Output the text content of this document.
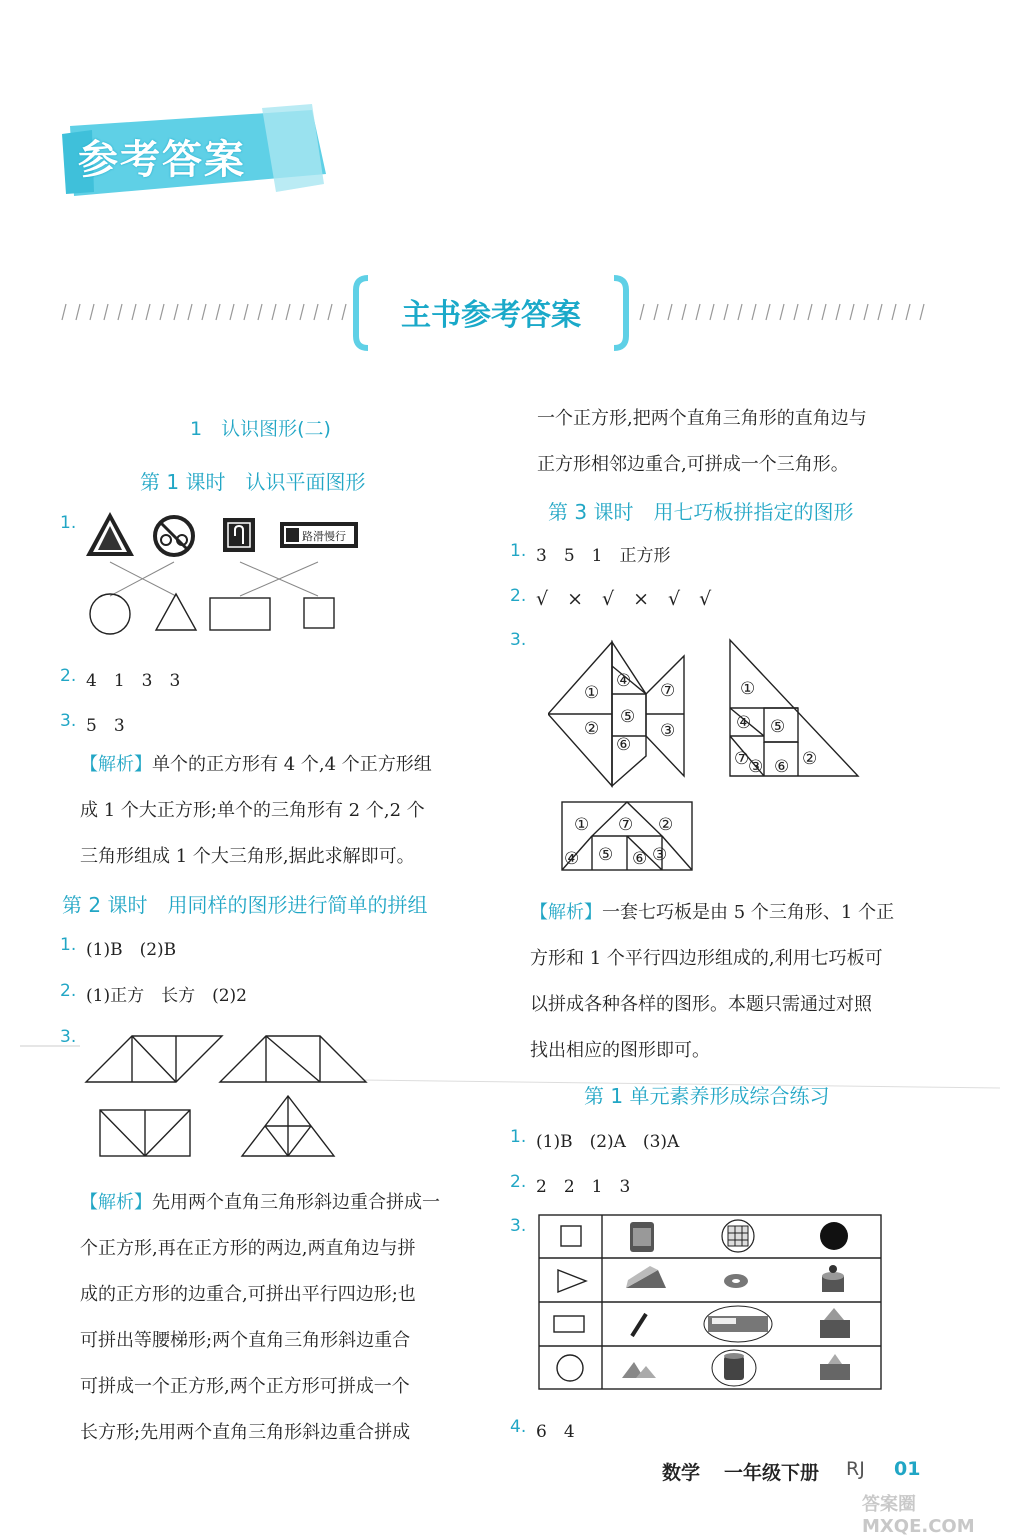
参考答案
主书参考答案
1　认识图形(二)
第 1 课时　认识平面图形
1.
路滑慢行
2. 4　1　3　3
3. 5　3
【解析】单个的正方形有 4 个,4 个正方形组
成 1 个大正方形;单个的三角形有 2 个,2 个
三角形组成 1 个大三角形,据此求解即可。
第 2 课时　用同样的图形进行简单的拼组
1. (1)B　(2)B
2. (1)正方　长方　(2)2
3.
【解析】先用两个直角三角形斜边重合拼成一
个正方形,再在正方形的两边,两直角边与拼
成的正方形的边重合,可拼出平行四边形;也
可拼出等腰梯形;两个直角三角形斜边重合
可拼成一个正方形,两个正方形可拼成一个
长方形;先用两个直角三角形斜边重合拼成
一个正方形,把两个直角三角形的直角边与
正方形相邻边重合,可拼成一个三角形。
第 3 课时　用七巧板拼指定的图形
1. 3　5　1　正方形
2. √　×　√　×　√　√
3.
①
②
④
⑤
⑥
⑦
③
①
④ ⑤
⑦
③ ⑥ ②
① ⑦ ②
④ ⑤ ⑥ ③
【解析】一套七巧板是由 5 个三角形、1 个正
方形和 1 个平行四边形组成的,利用七巧板可
以拼成各种各样的图形。本题只需通过对照
找出相应的图形即可。
第 1 单元素养形成综合练习
1. (1)B　(2)A　(3)A
2. 2　2　1　3
3.
4. 6　4
数学 一年级下册 RJ 01
答案圈 MXQE.COM
